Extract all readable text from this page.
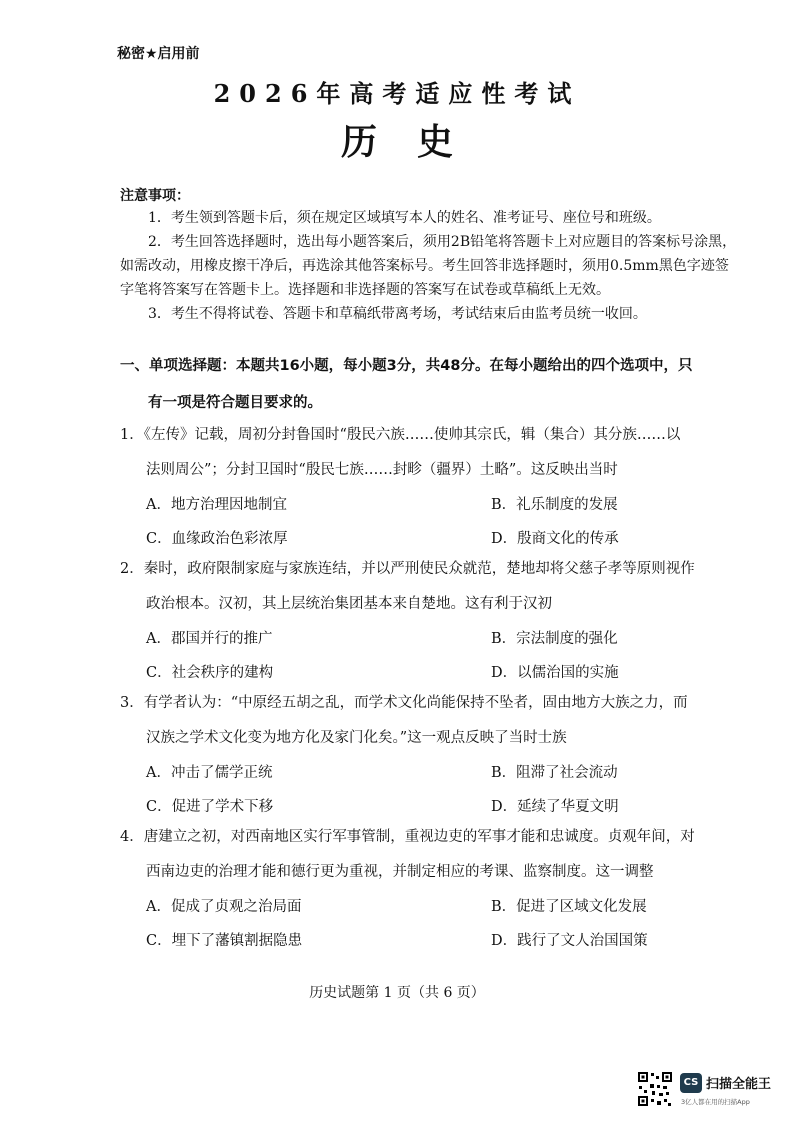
秘密★启用前
2026年高考适应性考试
历史
注意事项：

1．考生领到答题卡后，须在规定区域填写本人的姓名、准考证号、座位号和班级。

2．考生回答选择题时，选出每小题答案后，须用2B铅笔将答题卡上对应题目的答案标号涂黑，如需改动，用橡皮擦干净后，再选涂其他答案标号。考生回答非选择题时，须用0.5mm黑色字迹签字笔将答案写在答题卡上。选择题和非选择题的答案写在试卷或草稿纸上无效。

3．考生不得将试卷、答题卡和草稿纸带离考场，考试结束后由监考员统一收回。

一、单项选择题：本题共16小题，每小题3分，共48分。在每小题给出的四个选项中，只
有一项是符合题目要求的。
1．《左传》记载，周初分封鲁国时“殷民六族……使帅其宗氏，辑（集合）其分族……以
法则周公”；分封卫国时“殷民七族……封畛（疆界）土略”。这反映出当时
A．地方治理因地制宜	B．礼乐制度的发展
C．血缘政治色彩浓厚	D．殷商文化的传承
2．秦时，政府限制家庭与家族连结，并以严刑使民众就范，楚地却将父慈子孝等原则视作
政治根本。汉初，其上层统治集团基本来自楚地。这有利于汉初
A．郡国并行的推广	B．宗法制度的强化
C．社会秩序的建构	D．以儒治国的实施
3．有学者认为：“中原经五胡之乱，而学术文化尚能保持不坠者，固由地方大族之力，而
汉族之学术文化变为地方化及家门化矣。”这一观点反映了当时士族
A．冲击了儒学正统	B．阻滞了社会流动
C．促进了学术下移	D．延续了华夏文明
4．唐建立之初，对西南地区实行军事管制，重视边吏的军事才能和忠诚度。贞观年间，对
西南边吏的治理才能和德行更为重视，并制定相应的考课、监察制度。这一调整
A．促成了贞观之治局面	B．促进了区域文化发展
C．埋下了藩镇割据隐患	D．践行了文人治国国策
历史试题第 1 页（共 6 页）
CS 扫描全能王
3亿人都在用的扫描App
